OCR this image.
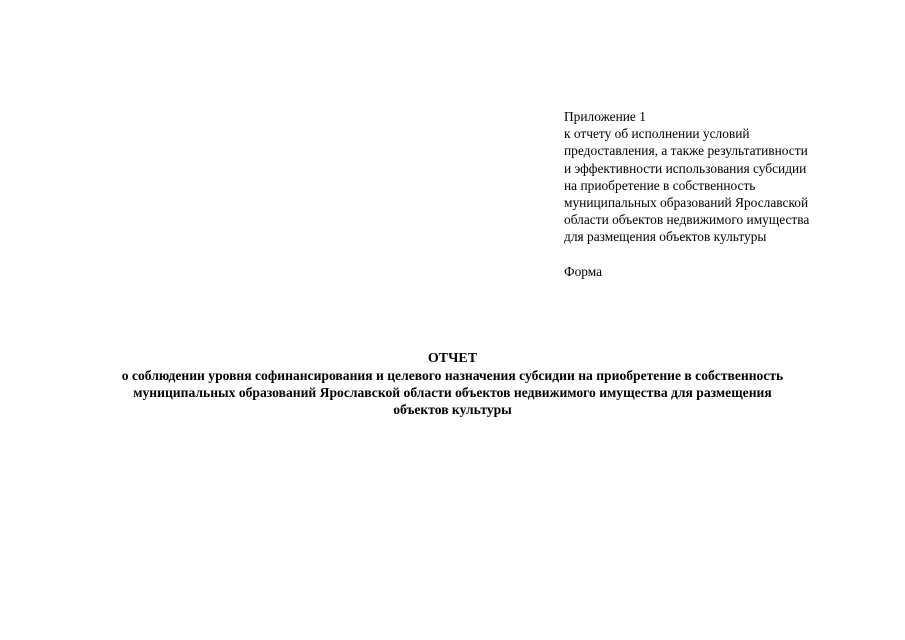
Приложение 1
к отчету об исполнении условий
предоставления, а также результативности
и эффективности использования субсидии
на приобретение в собственность
муниципальных образований Ярославской
области объектов недвижимого имущества
для размещения объектов культуры
Форма
ОТЧЕТ
о соблюдении уровня софинансирования и целевого назначения субсидии на приобретение в собственность
муниципальных образований Ярославской области объектов недвижимого имущества для размещения
объектов культуры
